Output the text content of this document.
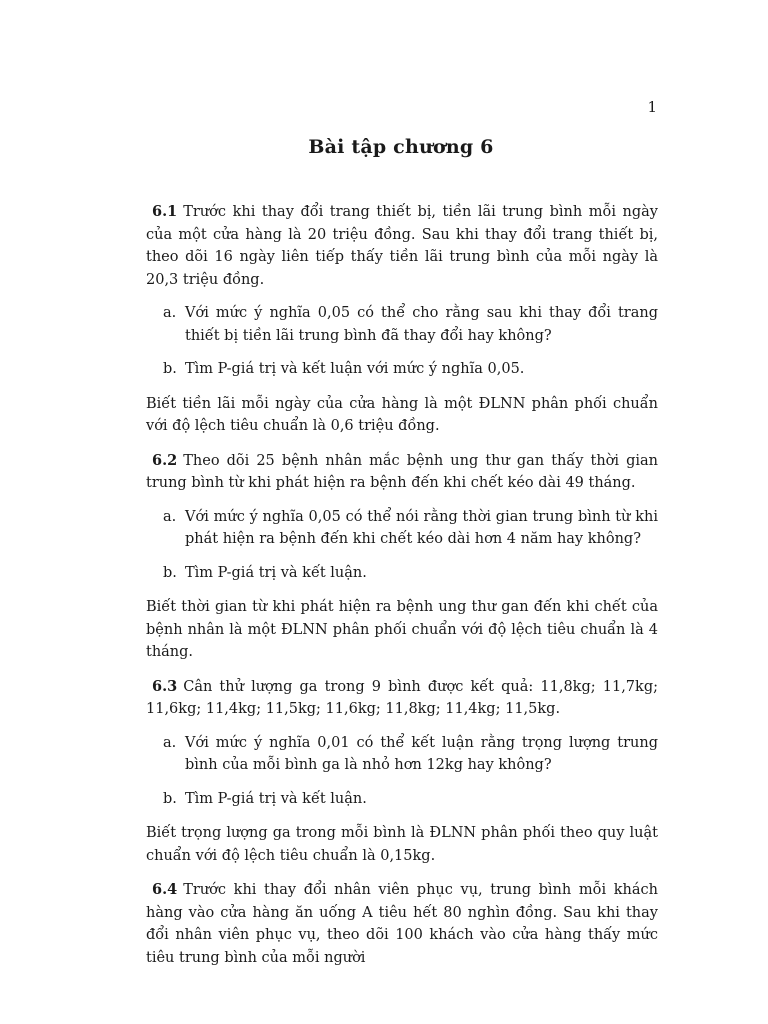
1
Bài tập chương 6

6.1 Trước khi thay đổi trang thiết bị, tiền lãi trung bình mỗi ngày của một cửa hàng là 20 triệu đồng. Sau khi thay đổi trang thiết bị, theo dõi 16 ngày liên tiếp thấy tiền lãi trung bình của mỗi ngày là 20,3 triệu đồng.

a. Với mức ý nghĩa 0,05 có thể cho rằng sau khi thay đổi trang thiết bị tiền lãi trung bình đã thay đổi hay không?
b. Tìm P-giá trị và kết luận với mức ý nghĩa 0,05.

Biết tiền lãi mỗi ngày của cửa hàng là một ĐLNN phân phối chuẩn với độ lệch tiêu chuẩn là 0,6 triệu đồng.

6.2 Theo dõi 25 bệnh nhân mắc bệnh ung thư gan thấy thời gian trung bình từ khi phát hiện ra bệnh đến khi chết kéo dài 49 tháng.

a. Với mức ý nghĩa 0,05 có thể nói rằng thời gian trung bình từ khi phát hiện ra bệnh đến khi chết kéo dài hơn 4 năm hay không?
b. Tìm P-giá trị và kết luận.

Biết thời gian từ khi phát hiện ra bệnh ung thư gan đến khi chết của bệnh nhân là một ĐLNN phân phối chuẩn với độ lệch tiêu chuẩn là 4 tháng.

6.3 Cân thử lượng ga trong 9 bình được kết quả: 11,8kg; 11,7kg; 11,6kg; 11,4kg; 11,5kg; 11,6kg; 11,8kg; 11,4kg; 11,5kg.

a. Với mức ý nghĩa 0,01 có thể kết luận rằng trọng lượng trung bình của mỗi bình ga là nhỏ hơn 12kg hay không?
b. Tìm P-giá trị và kết luận.

Biết trọng lượng ga trong mỗi bình là ĐLNN phân phối theo quy luật chuẩn với độ lệch tiêu chuẩn là 0,15kg.

6.4 Trước khi thay đổi nhân viên phục vụ, trung bình mỗi khách hàng vào cửa hàng ăn uống A tiêu hết 80 nghìn đồng. Sau khi thay đổi nhân viên phục vụ, theo dõi 100 khách vào cửa hàng thấy mức tiêu trung bình của mỗi người
